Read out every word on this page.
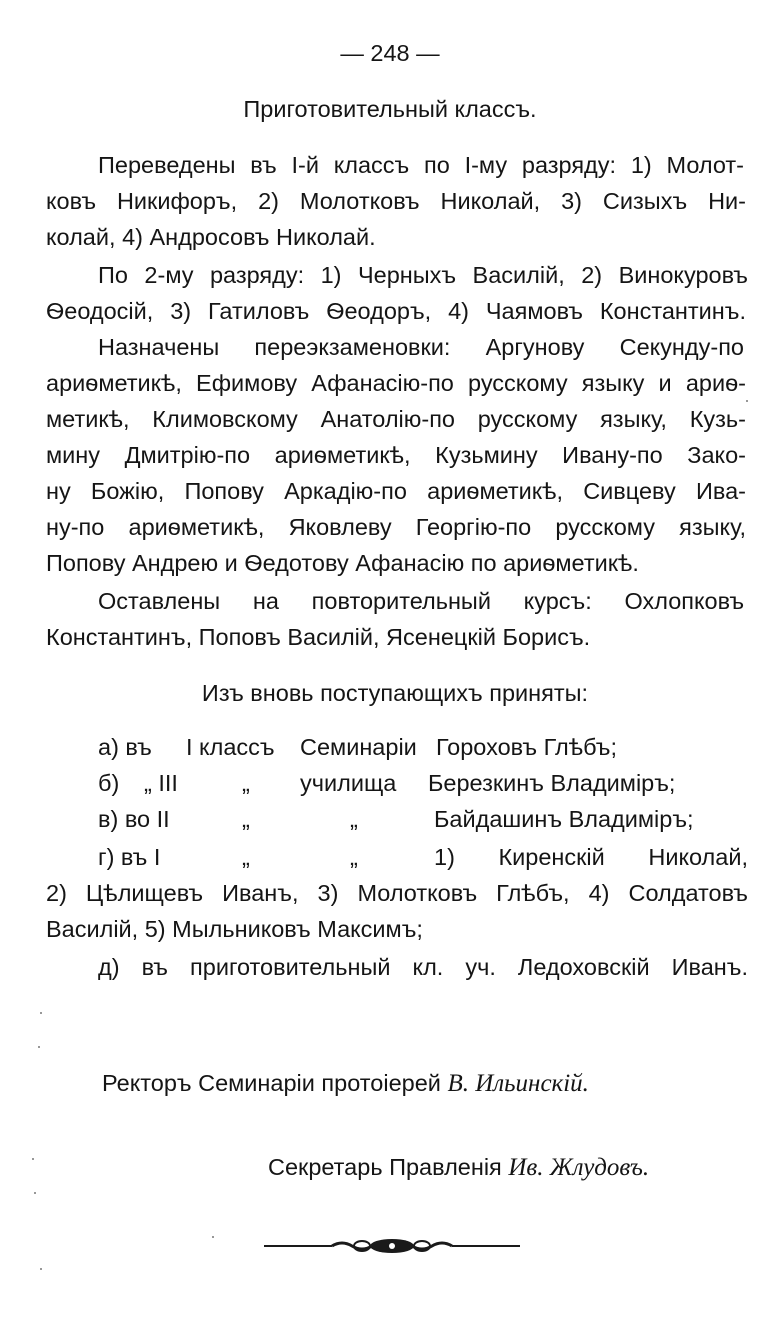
— 248 —
Приготовительный классъ.
Переведены въ І-й классъ по І-му разряду: 1) Молот-
ковъ Никифоръ, 2) Молотковъ Николай, 3) Сизыхъ Ни-
колай, 4) Андросовъ Николай.
По 2-му разряду: 1) Черныхъ Василій, 2) Винокуровъ
Ѳеодосій, 3) Гатиловъ Ѳеодоръ, 4) Чаямовъ Константинъ.
Назначены переэкзаменовки: Аргунову Секунду-по
ариѳметикѣ, Ефимову Афанасію-по русскому языку и ариѳ-
метикѣ, Климовскому Анатолію-по русскому языку, Кузь-
мину Дмитрію-по ариѳметикѣ, Кузьмину Ивану-по Зако-
ну Божію, Попову Аркадію-по ариѳметикѣ, Сивцеву Ива-
ну-по ариѳметикѣ, Яковлеву Георгію-по русскому языку,
Попову Андрею и Ѳедотову Афанасію по ариѳметикѣ.
Оставлены на повторительный курсъ: Охлопковъ
Константинъ, Поповъ Василій, Ясенецкій Борисъ.
Изъ вновь поступающихъ приняты:
а) въ I классъ Семинаріи Гороховъ Глѣбъ;
б) „ III	„ училища Березкинъ Владиміръ;
в) во II	„	„	Байдашинъ Владиміръ;
г) въ I	„	„	1) Киренскій Николай,
2) Цѣлищевъ Иванъ, 3) Молотковъ Глѣбъ, 4) Солдатовъ
Василій, 5) Мыльниковъ Максимъ;
д) въ приготовительный кл. уч. Ледоховскій Иванъ.
Ректоръ Семинаріи протоіерей В. Ильинскій.
Секретарь Правленія Ив. Жлудовъ.
